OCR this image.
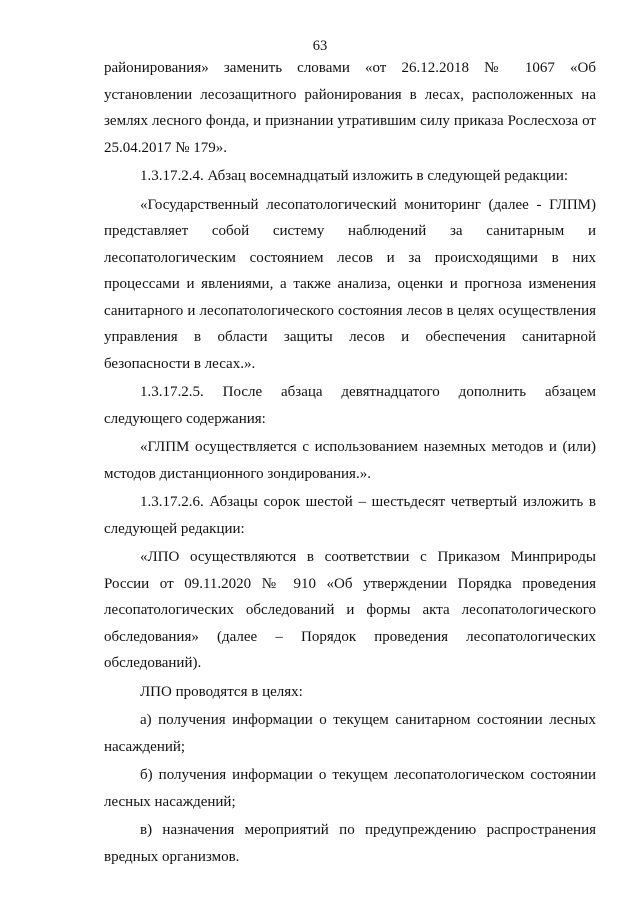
63

районирования» заменить словами «от 26.12.2018 № 1067 «Об установлении лесозащитного районирования в лесах, расположенных на землях лесного фонда, и признании утратившим силу приказа Рослесхоза от 25.04.2017 № 179».

1.3.17.2.4. Абзац восемнадцатый изложить в следующей редакции:

«Государственный лесопатологический мониторинг (далее - ГЛПМ) представляет собой систему наблюдений за санитарным и лесопатологическим состоянием лесов и за происходящими в них процессами и явлениями, а также анализа, оценки и прогноза изменения санитарного и лесопатологического состояния лесов в целях осуществления управления в области защиты лесов и обеспечения санитарной безопасности в лесах.».

1.3.17.2.5. После абзаца девятнадцатого дополнить абзацем следующего содержания:

«ГЛПМ осуществляется с использованием наземных методов и (или) мстодов дистанционного зондирования.».

1.3.17.2.6. Абзацы сорок шестой – шестьдесят четвертый изложить в следующей редакции:

«ЛПО осуществляются в соответствии с Приказом Минприроды России от 09.11.2020 № 910 «Об утверждении Порядка проведения лесопатологических обследований и формы акта лесопатологического обследования» (далее – Порядок проведения лесопатологических обследований).

ЛПО проводятся в целях:

а) получения информации о текущем санитарном состоянии лесных насаждений;

б) получения информации о текущем лесопатологическом состоянии лесных насаждений;

в) назначения мероприятий по предупреждению распространения вредных организмов.
